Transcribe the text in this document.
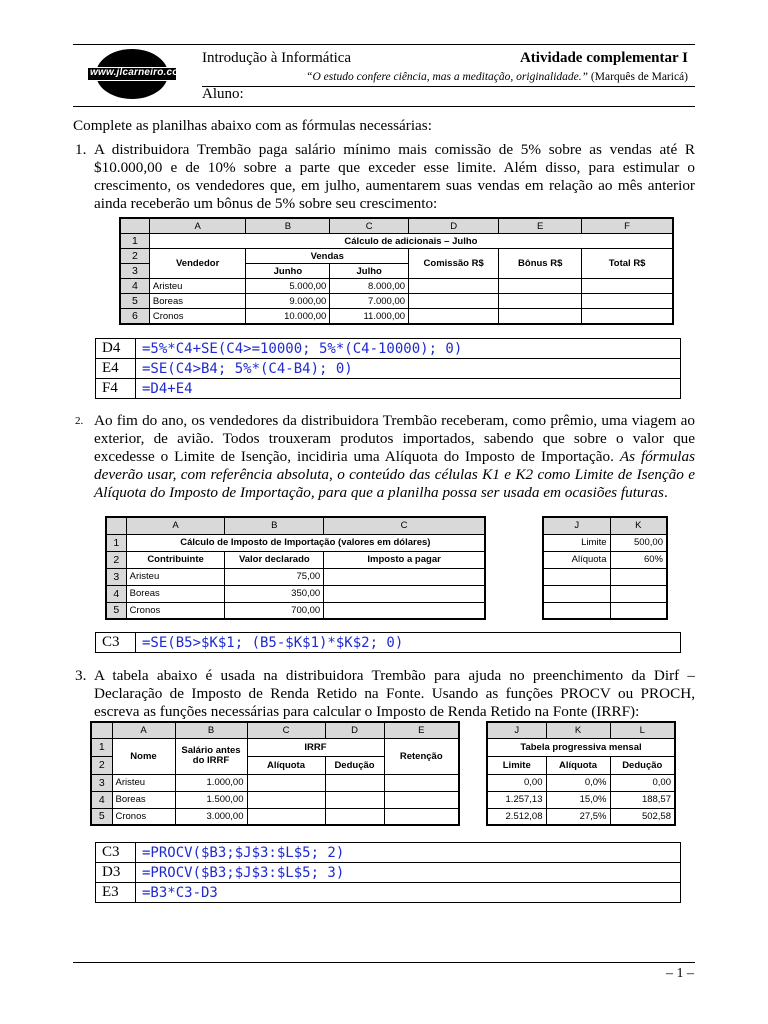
www.jlcarneiro.com
Introdução à Informática	Atividade complementar I
“O estudo confere ciência, mas a meditação, originalidade.” (Marquês de Maricá)
Aluno:
Complete as planilhas abaixo com as fórmulas necessárias:
1. A distribuidora Trembão paga salário mínimo mais comissão de 5% sobre as vendas até R $10.000,00 e de 10% sobre a parte que exceder esse limite. Além disso, para estimular o crescimento, os vendedores que, em julho, aumentarem suas vendas em relação ao mês anterior ainda receberão um bônus de 5% sobre seu crescimento:
	A	B	C	D	E	F
1	Cálculo de adicionais – Julho					
2	Vendedor	Vendas		Comissão R$	Bônus R$	Total R$
3		Junho	Julho			
4	Aristeu	5.000,00	8.000,00			
5	Boreas	9.000,00	7.000,00			
6	Cronos	10.000,00	11.000,00			
D4	=5%*C4+SE(C4>=10000; 5%*(C4-10000); 0)
E4	=SE(C4>B4; 5%*(C4-B4); 0)
F4	=D4+E4
2. Ao fim do ano, os vendedores da distribuidora Trembão receberam, como prêmio, uma viagem ao exterior, de avião. Todos trouxeram produtos importados, sabendo que sobre o valor que excedesse o Limite de Isenção, incidiria uma Alíquota do Imposto de Importação. As fórmulas deverão usar, com referência absoluta, o conteúdo das células K1 e K2 como Limite de Isenção e Alíquota do Imposto de Importação, para que a planilha possa ser usada em ocasiões futuras.
	A	B	C
1	Cálculo de Imposto de Importação (valores em dólares)		
2	Contribuinte	Valor declarado	Imposto a pagar
3	Aristeu	75,00	
4	Boreas	350,00	
5	Cronos	700,00	
J	K
Limite	500,00
Alíquota	60%

C3	=SE(B5>$K$1; (B5-$K$1)*$K$2; 0)
3. A tabela abaixo é usada na distribuidora Trembão para ajuda no preenchimento da Dirf – Declaração de Imposto de Renda Retido na Fonte. Usando as funções PROCV ou PROCH, escreva as funções necessárias para calcular o Imposto de Renda Retido na Fonte (IRRF):
	A	B	C	D	E
1	Nome	Salário antes do IRRF	IRRF		Retenção
2			Alíquota	Dedução	
3	Aristeu	1.000,00			
4	Boreas	1.500,00			
5	Cronos	3.000,00			
J	K	L
Tabela progressiva mensal		
Limite	Alíquota	Dedução
0,00	0,0%	0,00
1.257,13	15,0%	188,57
2.512,08	27,5%	502,58
C3	=PROCV($B3;$J$3:$L$5; 2)
D3	=PROCV($B3;$J$3:$L$5; 3)
E3	=B3*C3-D3
– 1 –
